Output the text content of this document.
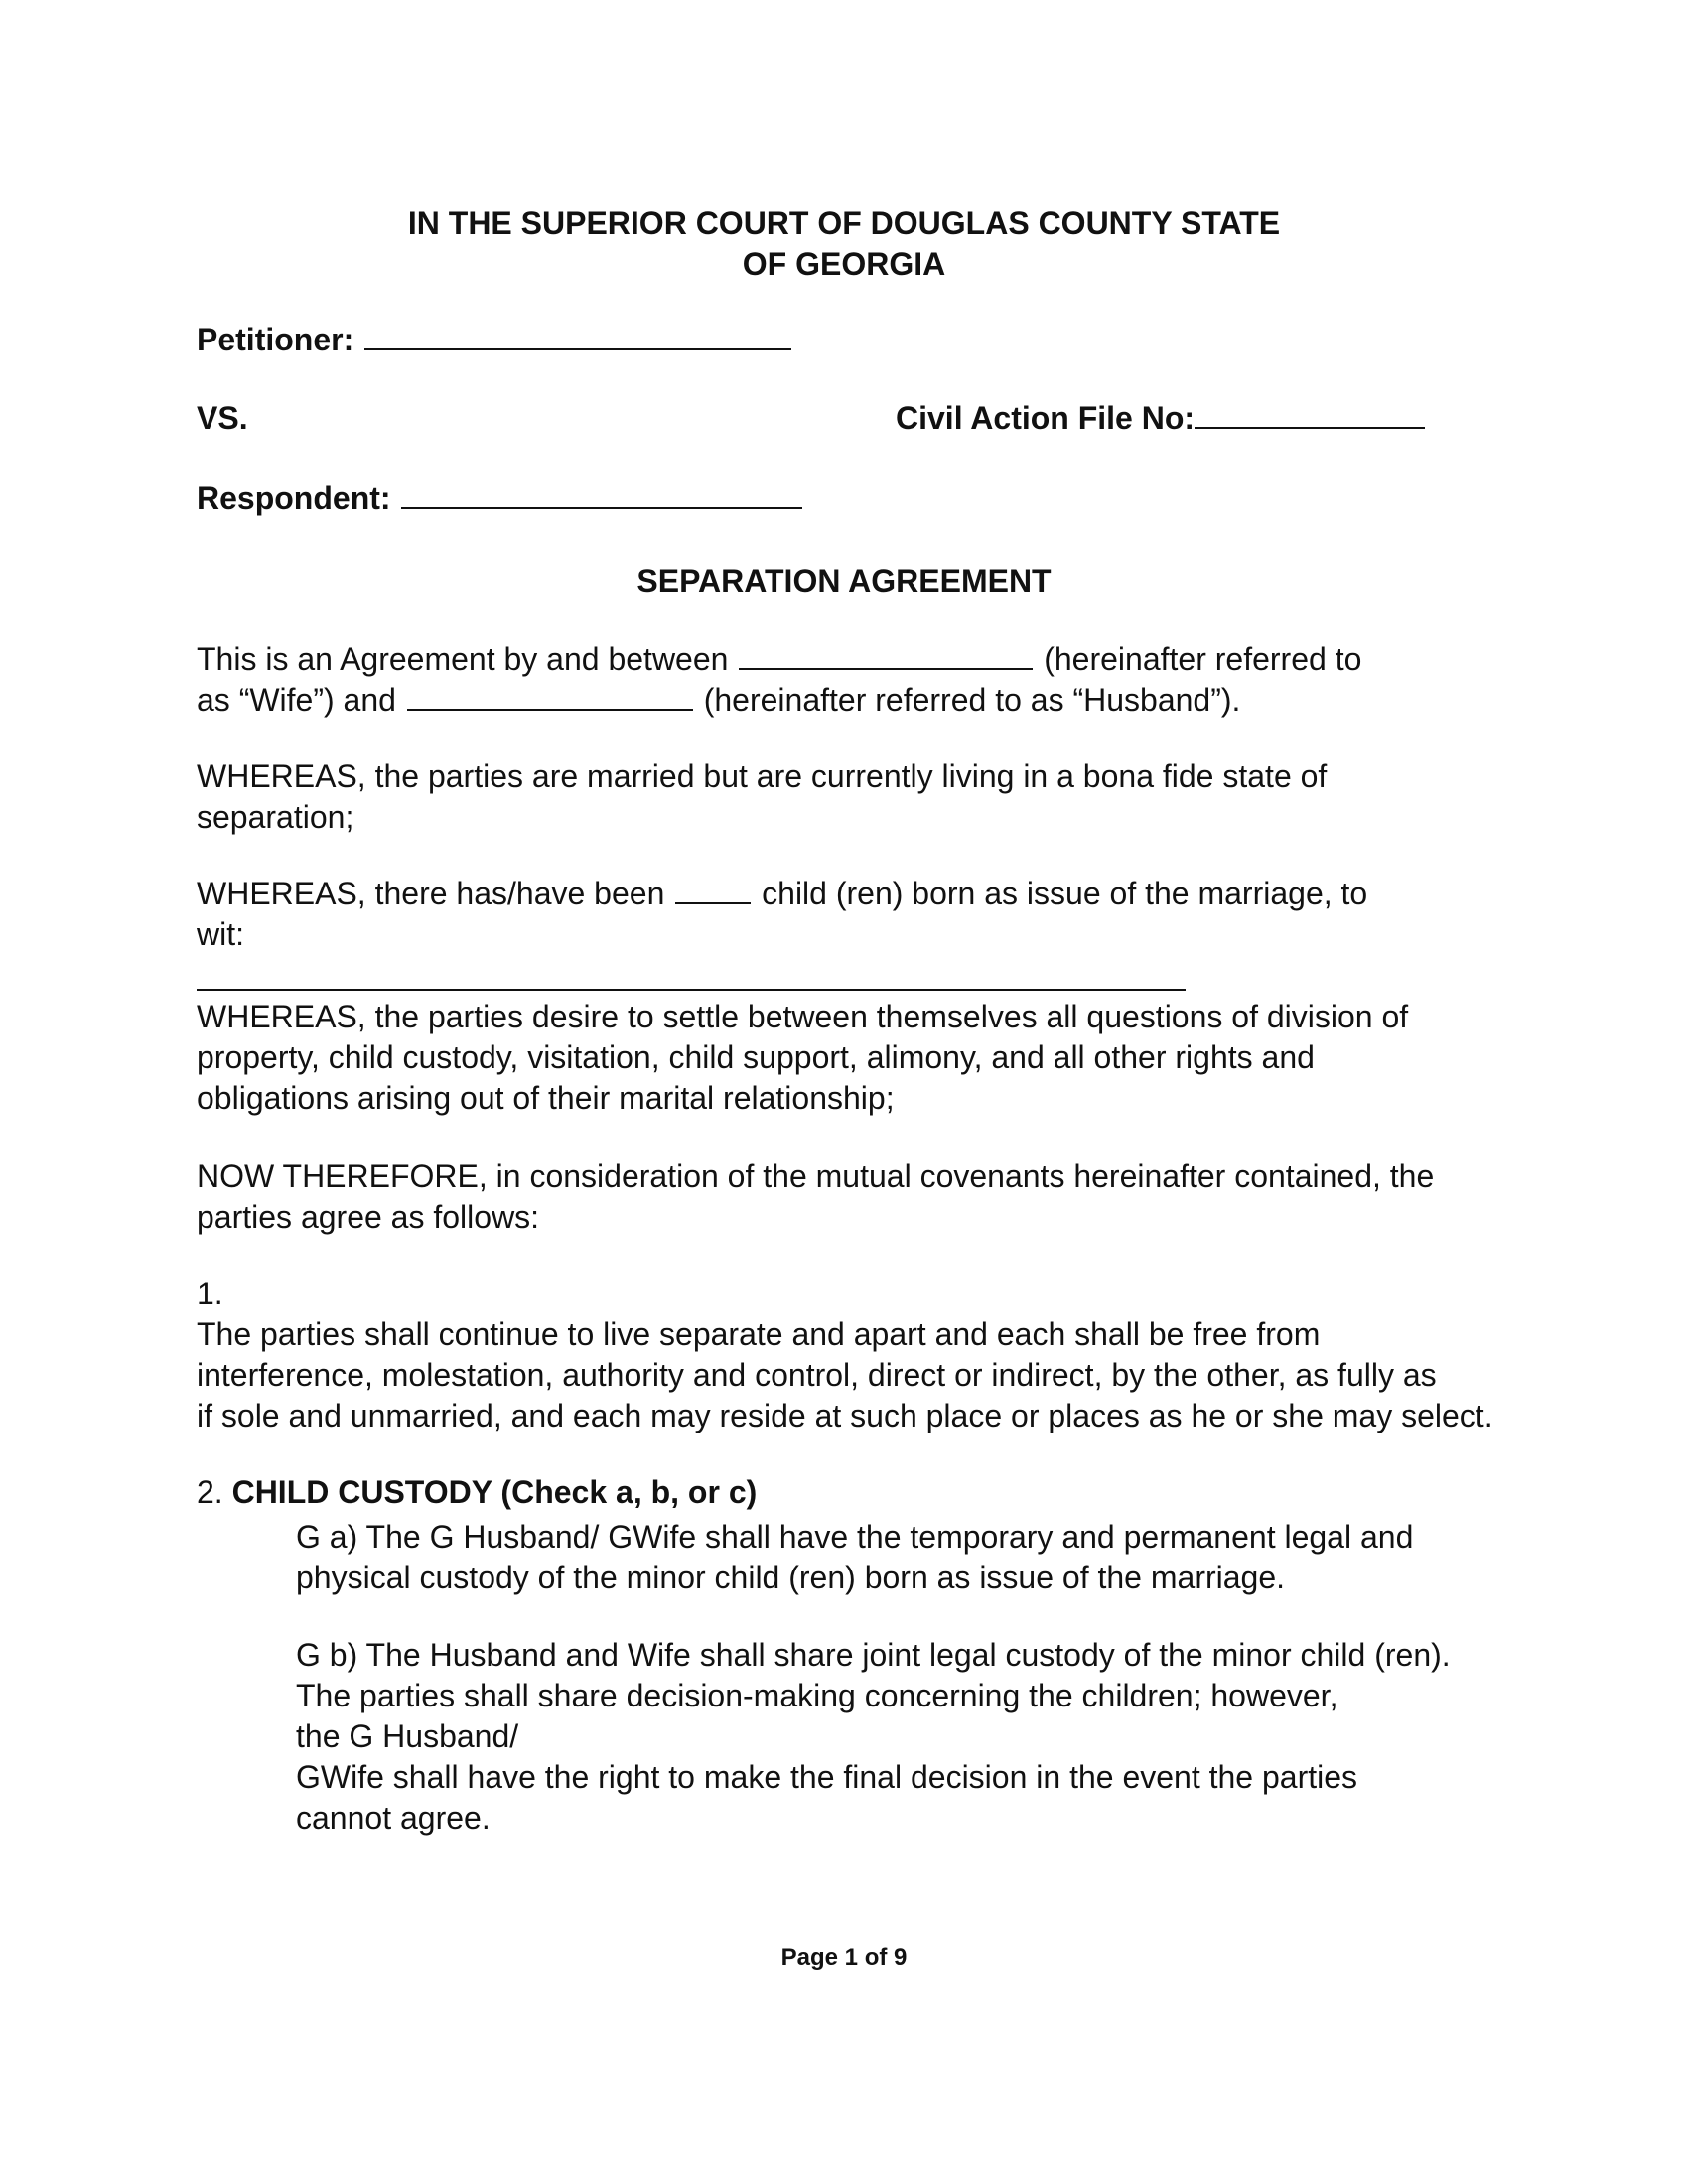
IN THE SUPERIOR COURT OF DOUGLAS COUNTY STATE
OF GEORGIA
Petitioner:
VS.	Civil Action File No:
Respondent:
SEPARATION AGREEMENT
This is an Agreement by and between	(hereinafter referred to
as “Wife”) and	(hereinafter referred to as “Husband”).
WHEREAS, the parties are married but are currently living in a bona fide state of
separation;
WHEREAS, there has/have been	child (ren) born as issue of the marriage, to
wit:
WHEREAS, the parties desire to settle between themselves all questions of division of
property, child custody, visitation, child support, alimony, and all other rights and
obligations arising out of their marital relationship;
NOW THEREFORE, in consideration of the mutual covenants hereinafter contained, the
parties agree as follows:
1.
The parties shall continue to live separate and apart and each shall be free from
interference, molestation, authority and control, direct or indirect, by the other, as fully as
if sole and unmarried, and each may reside at such place or places as he or she may select.
2. CHILD CUSTODY (Check a, b, or c)
G a) The G Husband/ GWife shall have the temporary and permanent legal and
physical custody of the minor child (ren) born as issue of the marriage.
G b) The Husband and Wife shall share joint legal custody of the minor child (ren).
The parties shall share decision-making concerning the children; however,
the G Husband/
GWife shall have the right to make the final decision in the event the parties
cannot agree.
Page 1 of 9
